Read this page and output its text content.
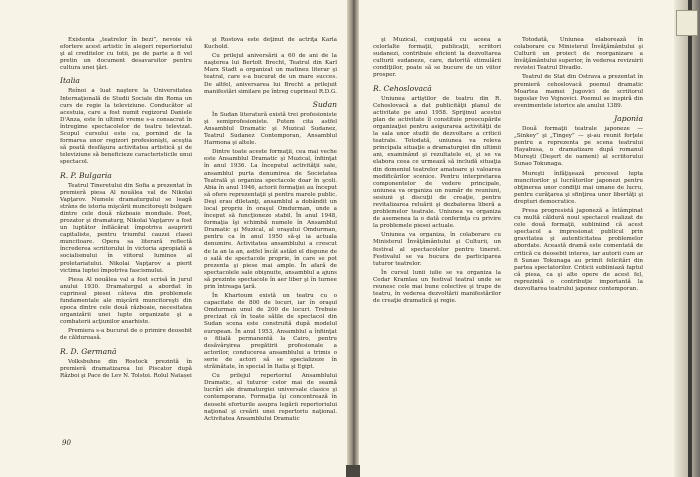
Existenta „teatrelor în bezi”, nevoie vã efortere acest artistic în alegeri repertoriului şi al creditelor cu totii, pe de parte a fi vel pretin un document desavarsitor pentru cultura unei ţări.

Italia

Reînoi a luat naştere la Universitatea Internaţională de Studii Sociale din Roma un curs de regie la televiziune. Conducător al acestuia, care a fost numit regizorul Daniele D'Anza, este în ultimii vreme s-a consacrat în întregime spectacolelor de teatru televizat. Scopul cursului este ca, pornind de la formarea unor regizori profesionişti, aceştia să poată desfăşura activitatea artistică şi de televiziune să beneficieze caracteristicile unui spectacol.

R. P. Bulgaria

Teatrul Tineretului din Sofia a prezentat în premieră piesa Al nouălea val de Nikolai Vapţarov. Numele dramaturgului se leagă strâns de istoria mişcării muncitoreşti bulgare dintre cele două războaie mondiale. Poet, prozator şi dramaturg, Nikolai Vapţarov a fost un luptător înflăcărat împotriva asupririi capitaliste, pentru triumful cauzei clasei muncitoare. Opera sa literară reflectă încrederea scriitorului în victoria apropiată a socialismului în viitorul luminos al proletariatului. Nikolai Vapţarov a pierit victima luptei împotriva fascismului.

Piesa Al nouălea val a fost scrisă în jurul anului 1930. Dramaturgul a abordat în cuprinsul piesei câteva din problemele fundamentale ale mişcării muncitoreşti din epoca dintre cele două războaie, necesitatea organizării unei lupte organizate şi a combaterii acţiunilor anarhiste.

Premiera s-a bucurat de o primire deosebit de călduroasă.

R. D. Germană

Volksbuhne din Rostock prezintă în premieră dramatizarea lui Piscator după Război şi Pace de Lev N. Tolstoi. Rolul Natașei

şi Rostova este deţinut de actriţa Karla Kuchold.

Cu prilejul aniversării a 60 de ani de la naşterea lui Bertolt Brecht, Teatrul din Karl Marx Stadt a organizat un matineu literar şi teatral, care s-a bucurat de un mare succes. De altfel, aniversarea lui Brecht a prilejuit manifestări similare pe întreg cuprinsul R.D.G.

Sudan

În Sudan literatură există trei profesioniste şi semiprofesioniste. Putem cita astfel Ansamblul Dramatic şi Muzical Sudanez, Teatrul Sudanez Contemporan, Ansamblul Harmona şi altele.

Dintre toate aceste formaţii, cea mai veche este Ansamblul Dramatic şi Muzical, înfiinţat în anul 1936. La începutul activităţii sale, ansamblul purta denumirea de Societatea Teatrală şi organiza spectacole doar în şcoli. Abia în anul 1946, actorii formaţiei au început să ofere reprezentaţii şi pentru marele public. Deşi erau diletanţi, ansamblul a dobândit un local propriu în oraşul Omdurman, unde a început să funcţioneze stabil. În anul 1948, formaţia îşi schimbă numele în Ansamblul Dramatic şi Muzical, al oraşului Omdurman, pentru ca în anul 1950 să-şi ia actuala denumire. Activitatea ansamblului a crescut de la an la an, astfel încât astăzi el dispune de o sală de spectacole proprie, în care se pot prezenta şi piese mai ample. În afară de spectacolele sale obişnuite, ansamblul a ajuns să prezinte spectacole în aer liber şi în turnee prin întreaga ţară.

În Khartoum există un teatru cu o capacitate de 800 de locuri, iar în oraşul Omdurman unul de 200 de locuri. Trebuie precizat că în toate sălile de spectacol din Sudan scena este construită după modelul european. În anul 1953, Ansamblul a înfiinţat o filială permanentă la Cairo, pentru desăvârşirea pregătirii profesionale a actorilor, conducerea ansamblului a trimis o serie de actori să se specializeze în străinătate, în special în Italia şi Egipt.

Cu prilejul repertoriul Ansamblului Dramatic, al tuturor celor mai de seamă lucrări ale dramaturgiei universale clasice şi contemporane. Formaţia îşi concentrează în deosebi eforturile asupra legării repertoriului naţional şi creării unei repertoriu naţional. Activitatea Ansamblului Dramatic

90

şi Muzical, conjugată cu aceea a celorlalte formaţii, publicaţii, scriitori sudanezi, contribuie eficient la dezvoltarea culturii sudaneze, care, datorită stimulării condiţiilor, poate să se bucure de un viitor prosper.

R. Cehoslovacă

Uniunea artiştilor de teatru din R. Cehoslovacă a dat publicităţii planul de activitate pe anul 1958. Sprijinul acestui plan de activitate îl constituie preocupările organizaţiei pentru asigurarea activităţii de la sala unor studii de dezvoltare a criticii teatrale. Totodată, uniunea va releva principala situaţie a dramaturgiei din ultimii ani, examinând şi rezultatele ei, şi se va elabora ceea ce urmează să includă situaţia din domeniul teatrelor amatoare şi valoarea modificărilor scenice. Pentru interpretarea componentelor de vedere principale, uniunea va organiza un număr de reuniuni, sesiuni şi discuţii de creaţie, pentru revitalizarea reluării şi dezbaterea liberă a problemelor teatrale. Uniunea va organiza de asemenea la o dată conferinţa cu privire la problemele piesei actuale.

Uniunea va organiza, în colaborare cu Ministerul Învăţământului şi Culturii, un festival al spectacolelor pentru tineret. Festivalul se va bucura de participarea tuturor teatrelor.

În cursul lunii iulie se va organiza la Cedar Kramlau un festival teatral unde se reunesc cele mai bune colective şi trupe de teatru, în vederea dezvoltării manifestărilor de creaţie dramatică şi regie.

Totodată, Uniunea elaborează în colaborare cu Ministerul Învăţământului şi Culturii un proiect de reorganizare a învăţământului superior, în vederea revizuirii revistei Teatrul Divadlo.

Teatrul de Stat din Ostrava a prezentat în premieră cehoslovacă poemul dramatic Moartea mamei Jugovici de scriitorul iugoslav Ivo Vojnovici. Poemul se inspiră din evenimentele istorice ale anului 1389.

Japonia

Două formaţii teatrale japoneze — „Sinkey” şi „Tingey” — şi-au reunit forţele pentru a reprezenta pe scena teatrului Hayabusa, o dramatizare după romanul Mureşti (Deşert de oameni) al scriitorului Sunao Tokunaga.

Mureşti înfăţişează procesul lupta muncitorilor şi lucrătorilor japonezi pentru obţinerea unor condiţii mai umane de lucru, pentru curăţarea şi sfinţirea unor libertăţi şi drepturi democratice.

Presa progresistă japoneză a întâmpinat cu multă căldură noul spectacol realizat de cele două formaţii, subliniind că acest spectacol a impresionat publicul prin gravitatea şi autenticitatea problemelor abordate. Această dramă este comentată de critică cu deosebit interes, iar autorii cum ar fi Sunao Tokunaga au primit felicitări din partea spectatorilor. Criticii subliniază faptul că piesa, ca şi alte opere de acest fel, reprezintă o contribuţie importantă la dezvoltarea teatrului japonez contemporan.
